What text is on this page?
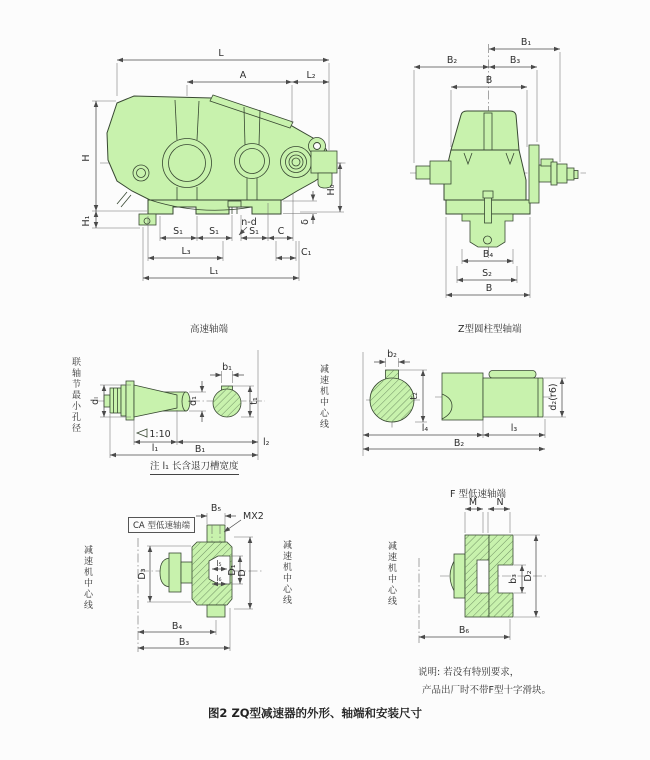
L
A	L₂
H
H₁
H₀
δ
S₁	S₁	S₁ C
n-d
L₃	C₁
L₁
B₁
B₂	B₃
B
B₄
S₂
B
dₗ
b₁
t₁
d₁
1:10
l₁
l₂
B₁
b₂
t₂	d₂(r6)
l₄	l₃
B₂
l₅
l₆
D₁ D
D₃
B₅
MX2
B₄
B₃
M N
b₃ D₂
B₆
高速轴端	Z型圆柱型轴端
联轴节最小孔径	减速机中心线
注 l₁ 长含退刀槽宽度
CA 型低速轴端
减速机中心线	减速机中心线
F 型低速轴端
减速机中心线
说明: 若没有特别要求，
产品出厂时不带F型十字滑块。
图2 ZQ型减速器的外形、轴端和安装尺寸
